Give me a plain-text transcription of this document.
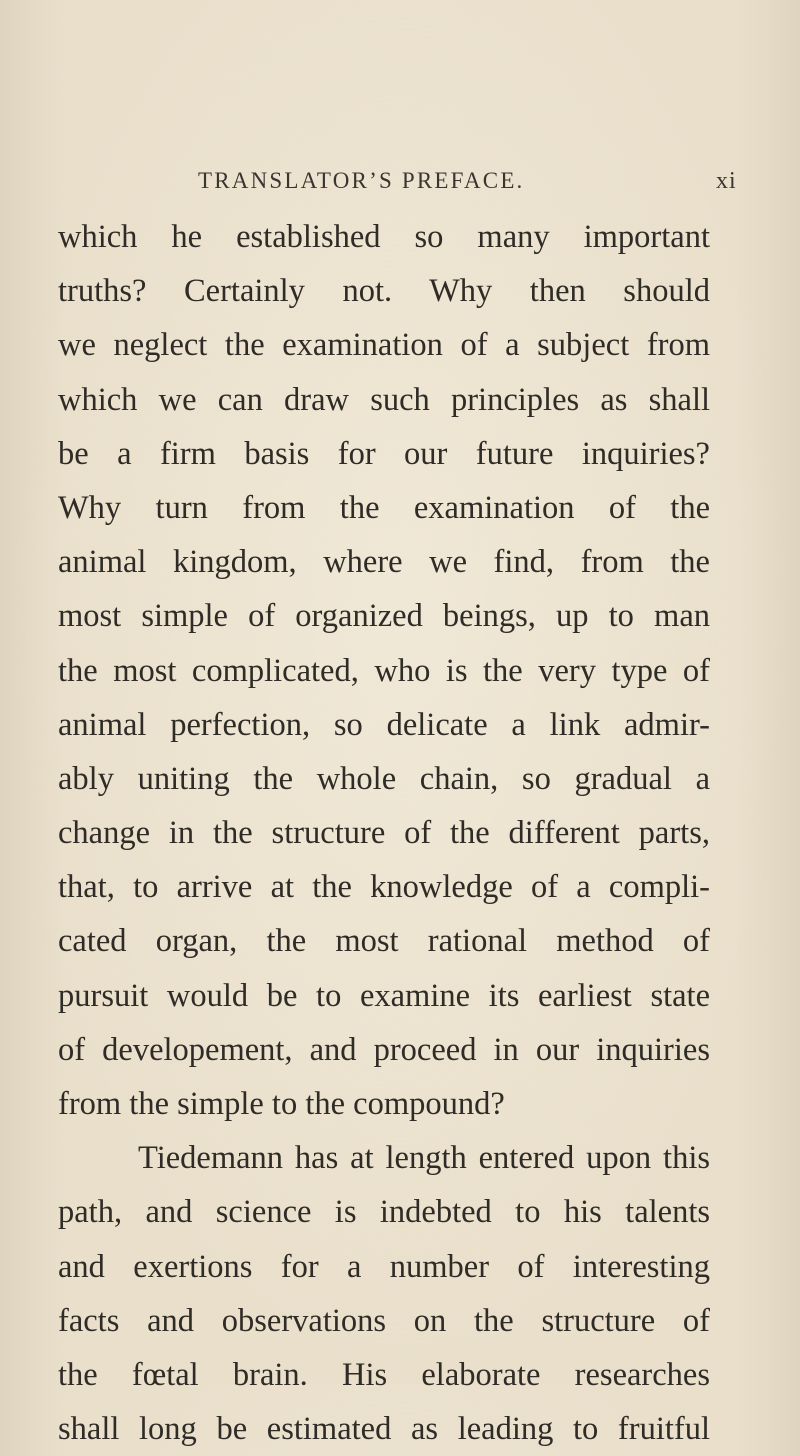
TRANSLATOR’S PREFACE.	xi
which he established so many important
truths? Certainly not. Why then should
we neglect the examination of a subject from
which we can draw such principles as shall
be a firm basis for our future inquiries?
Why turn from the examination of the
animal kingdom, where we find, from the
most simple of organized beings, up to man
the most complicated, who is the very type of
animal perfection, so delicate a link admir-
ably uniting the whole chain, so gradual a
change in the structure of the different parts,
that, to arrive at the knowledge of a compli-
cated organ, the most rational method of
pursuit would be to examine its earliest state
of developement, and proceed in our inquiries
from the simple to the compound?
Tiedemann has at length entered upon this
path, and science is indebted to his talents
and exertions for a number of interesting
facts and observations on the structure of
the fœtal brain. His elaborate researches
shall long be estimated as leading to fruitful
